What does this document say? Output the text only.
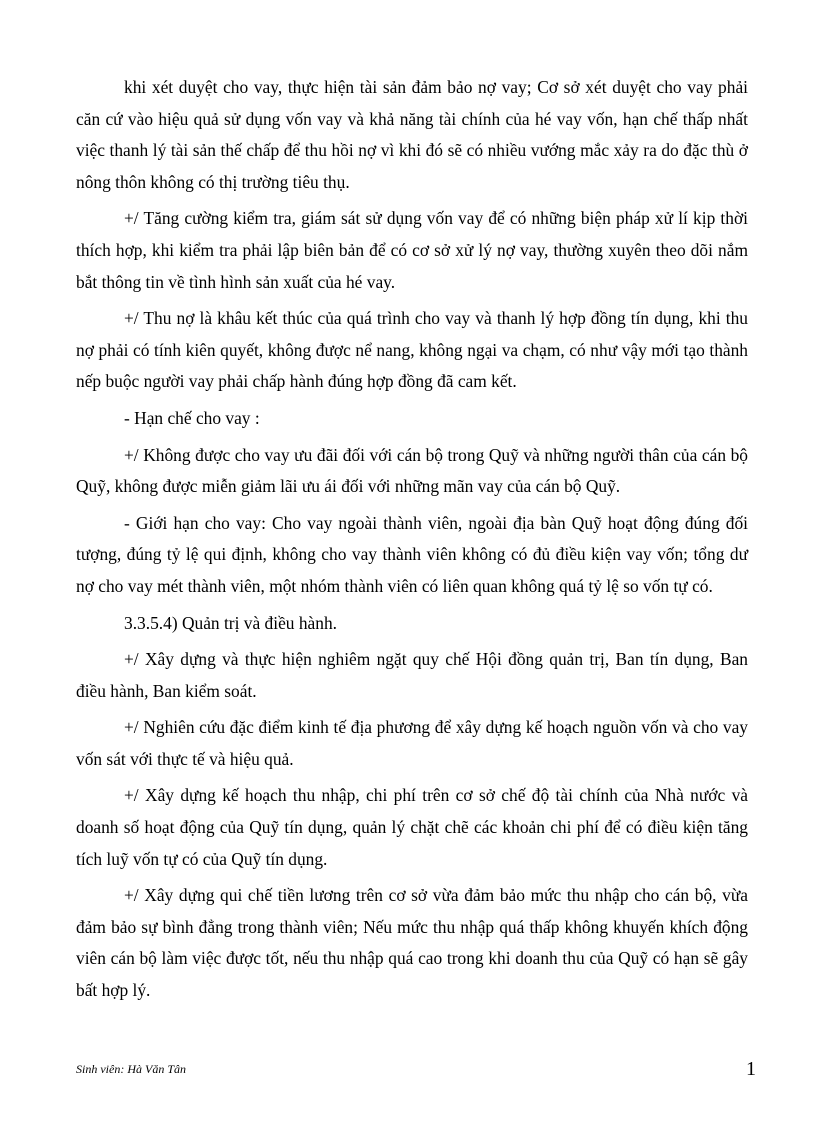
khi xét duyệt cho vay, thực hiện tài sản đảm bảo nợ vay; Cơ sở xét duyệt cho vay phải căn cứ vào hiệu quả sử dụng vốn vay và khả năng tài chính của hé vay vốn, hạn chế thấp nhất việc thanh lý tài sản thế chấp để thu hồi nợ vì khi đó sẽ có nhiều vướng mắc xảy ra do đặc thù ở nông thôn không có thị trường tiêu thụ.

+/ Tăng cường kiểm tra, giám sát sử dụng vốn vay để có những biện pháp xử lí kịp thời thích hợp, khi kiểm tra phải lập biên bản để có cơ sở xử lý nợ vay, thường xuyên theo dõi nắm bắt thông tin về tình hình sản xuất của hé vay.

+/ Thu nợ là khâu kết thúc của quá trình cho vay và thanh lý hợp đồng tín dụng, khi thu nợ phải có tính kiên quyết, không được nể nang, không ngại va chạm, có như vậy mới tạo thành nếp buộc người vay phải chấp hành đúng hợp đồng đã cam kết.

- Hạn chế cho vay :

+/ Không được cho vay ưu đãi đối với cán bộ trong Quỹ và những người thân của cán bộ Quỹ, không được miễn giảm lãi ưu ái đối với những mãn vay của cán bộ Quỹ.

- Giới hạn cho vay: Cho vay ngoài thành viên, ngoài địa bàn Quỹ hoạt động đúng đối tượng, đúng tỷ lệ qui định, không cho vay thành viên không có đủ điều kiện vay vốn; tổng dư nợ cho vay mét thành viên, một nhóm thành viên có liên quan không quá tỷ lệ so vốn tự có.

3.3.5.4) Quản trị và điều hành.

+/ Xây dựng và thực hiện nghiêm ngặt quy chế Hội đồng quản trị, Ban tín dụng, Ban điều hành, Ban kiểm soát.

+/ Nghiên cứu đặc điểm kinh tế địa phương để xây dựng kế hoạch nguồn vốn và cho vay vốn sát với thực tế và hiệu quả.

+/ Xây dựng kế hoạch thu nhập, chi phí trên cơ sở chế độ tài chính của Nhà nước và doanh số hoạt động của Quỹ tín dụng, quản lý chặt chẽ các khoản chi phí để có điều kiện tăng tích luỹ vốn tự có của Quỹ tín dụng.

+/ Xây dựng qui chế tiền lương trên cơ sở vừa đảm bảo mức thu nhập cho cán bộ, vừa đảm bảo sự bình đẳng trong thành viên; Nếu mức thu nhập quá thấp không khuyến khích động viên cán bộ làm việc được tốt, nếu thu nhập quá cao trong khi doanh thu của Quỹ có hạn sẽ gây bất hợp lý.

Sinh viên: Hà Văn Tân	1
